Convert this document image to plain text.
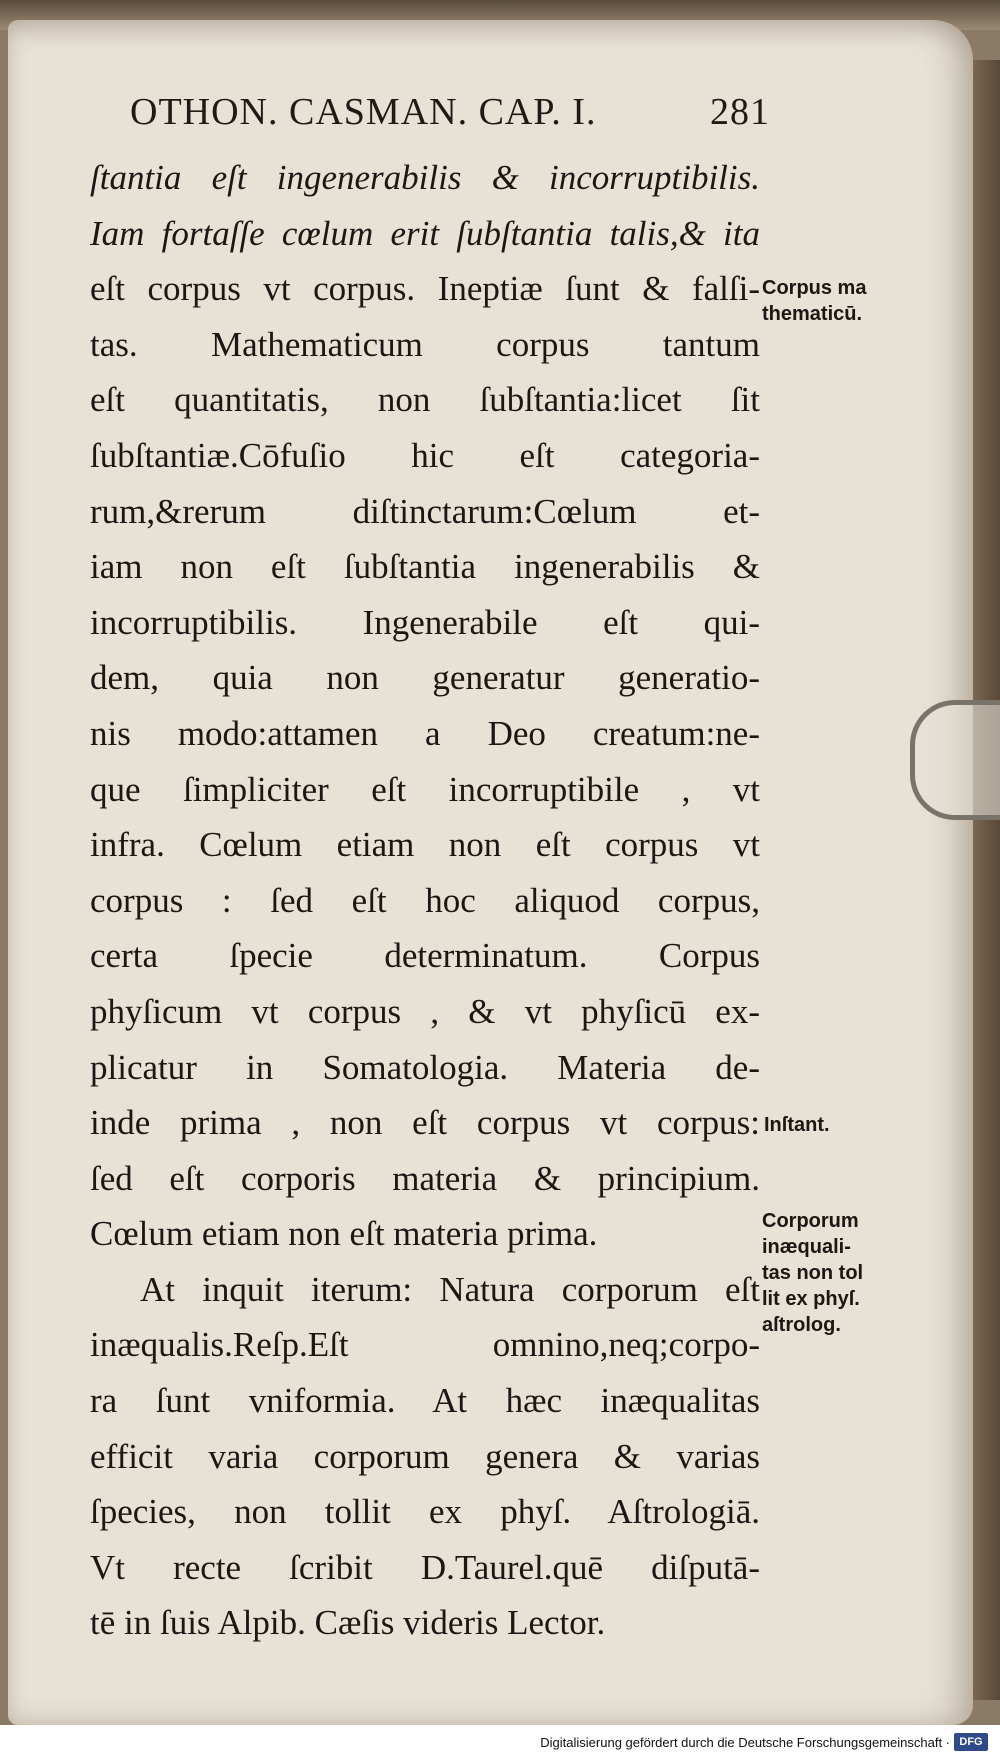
OTHON. CASMAN. CAP. I.	281
ſtantia eſt ingenerabilis & incorruptibilis.
Iam fortaſſe cœlum erit ſubſtantia talis,& ita
eſt corpus vt corpus. Ineptiæ ſunt & falſi-
tas. Mathematicum corpus tantum
eſt quantitatis, non ſubſtantia:licet ſit
ſubſtantiæ.Cōfuſio hic eſt categoria-
rum,&rerum diſtinctarum:Cœlum et-
iam non eſt ſubſtantia ingenerabilis &
incorruptibilis. Ingenerabile eſt qui-
dem, quia non generatur generatio-
nis modo:attamen a Deo creatum:ne-
que ſimpliciter eſt incorruptibile , vt
infra. Cœlum etiam non eſt corpus vt
corpus : ſed eſt hoc aliquod corpus,
certa ſpecie determinatum. Corpus
phyſicum vt corpus , & vt phyſicū ex-
plicatur in Somatologia. Materia de-
inde prima , non eſt corpus vt corpus:
ſed eſt corporis materia & principium.
Cœlum etiam non eſt materia prima.
At inquit iterum: Natura corporum eſt
inæqualis.Reſp.Eſt omnino,neq;corpo-
ra ſunt vniformia. At hæc inæqualitas
efficit varia corporum genera & varias
ſpecies, non tollit ex phyſ. Aſtrologiā.
Vt recte ſcribit D.Taurel.quē diſputā-
tē in ſuis Alpib. Cæſis videris Lector.
Corpus ma
thematicū.
Inſtant.
Corporum
inæquali-
tas non tol
lit ex phyſ.
aſtrolog.
Digitalisierung gefördert durch die Deutsche Forschungsgemeinschaft · DFG
